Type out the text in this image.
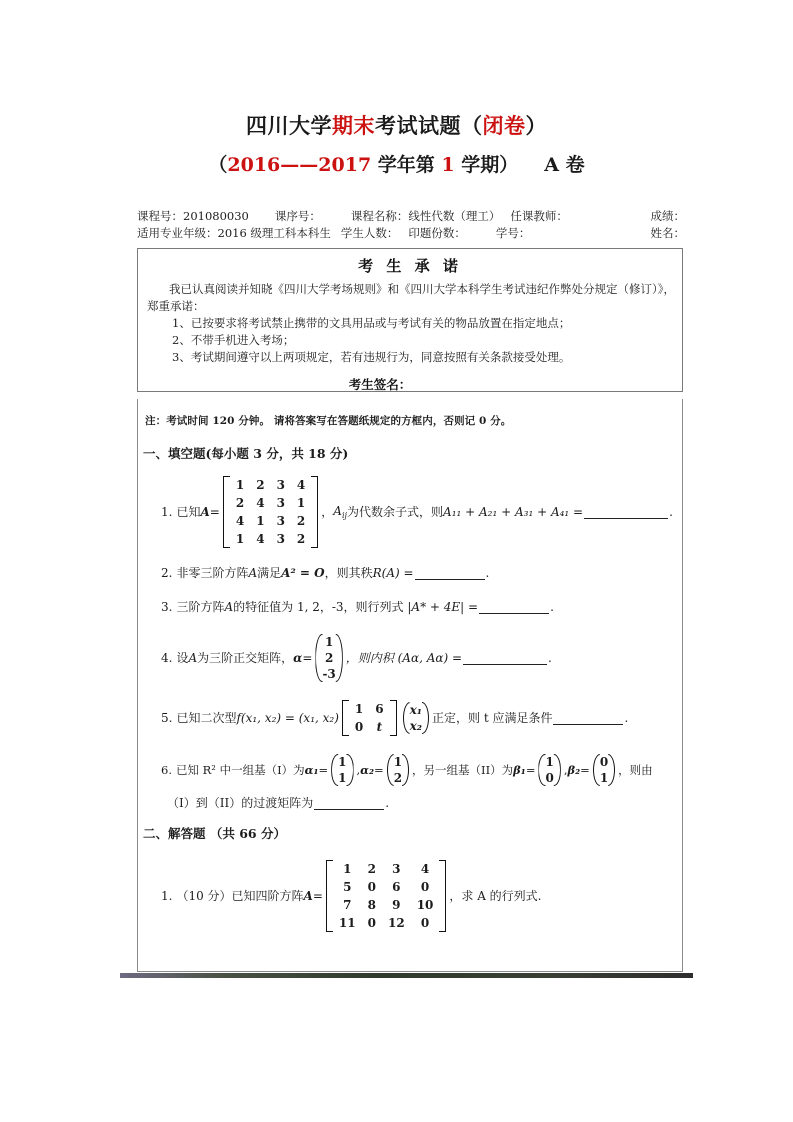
四川大学期末考试试题（闭卷）
（2016——2017 学年第 1 学期） A 卷
课程号： 201080030 课序号：	课程名称： 线性代数（理工） 任课教师：	成绩：
适用专业年级： 2016 级理工科本科生 学生人数： 印题份数：	学号：	姓名：
考 生 承 诺
我已认真阅读并知晓《四川大学考场规则》和《四川大学本科学生考试违纪作弊处分规定（修订）》，郑重承诺：
1、已按要求将考试禁止携带的文具用品或与考试有关的物品放置在指定地点；
2、不带手机进入考场；
3、考试期间遵守以上两项规定，若有违规行为，同意按照有关条款接受处理。
考生签名：
注：考试时间 120 分钟。 请将答案写在答题纸规定的方框内，否则记 0 分。
一、填空题(每小题 3 分，共 18 分)
1. 已知 A =
1	2	3	4
2	4	3	1
4	1	3	2
1	4	3	2
， $A_{ij}$ 为代数余子式，则 A₁₁ + A₂₁ + A₃₁ + A₄₁ =	.
2. 非零三阶方阵 A 满足 A² = O ，则其秩 R(A) =	.
3. 三阶方阵 A 的特征值为 1, 2，-3，则行列式 | A* + 4E | =	.
4. 设 A 为三阶正交矩阵， α =
1
2
-3
，则内积 (Aα, Aα) =	.
5. 已知二次型 f(x₁, x₂) = (x₁, x₂)
1	6
0	t
x₁
x₂
正定，则 t 应满足条件	.
6. 已知 R² 中一组基（I）为 α₁ =
1
1
, α₂ =
1
2
，另一组基（II）为 β₁ =
1
0
, β₂ =
0
1
，则由
（I）到（II）的过渡矩阵为	.
二、解答题 （共 66 分）
1. （10 分）已知四阶方阵 A =
1	2	3	4
5	0	6	0
7	8	9	10
11	0	12	0
，求 A 的行列式.
